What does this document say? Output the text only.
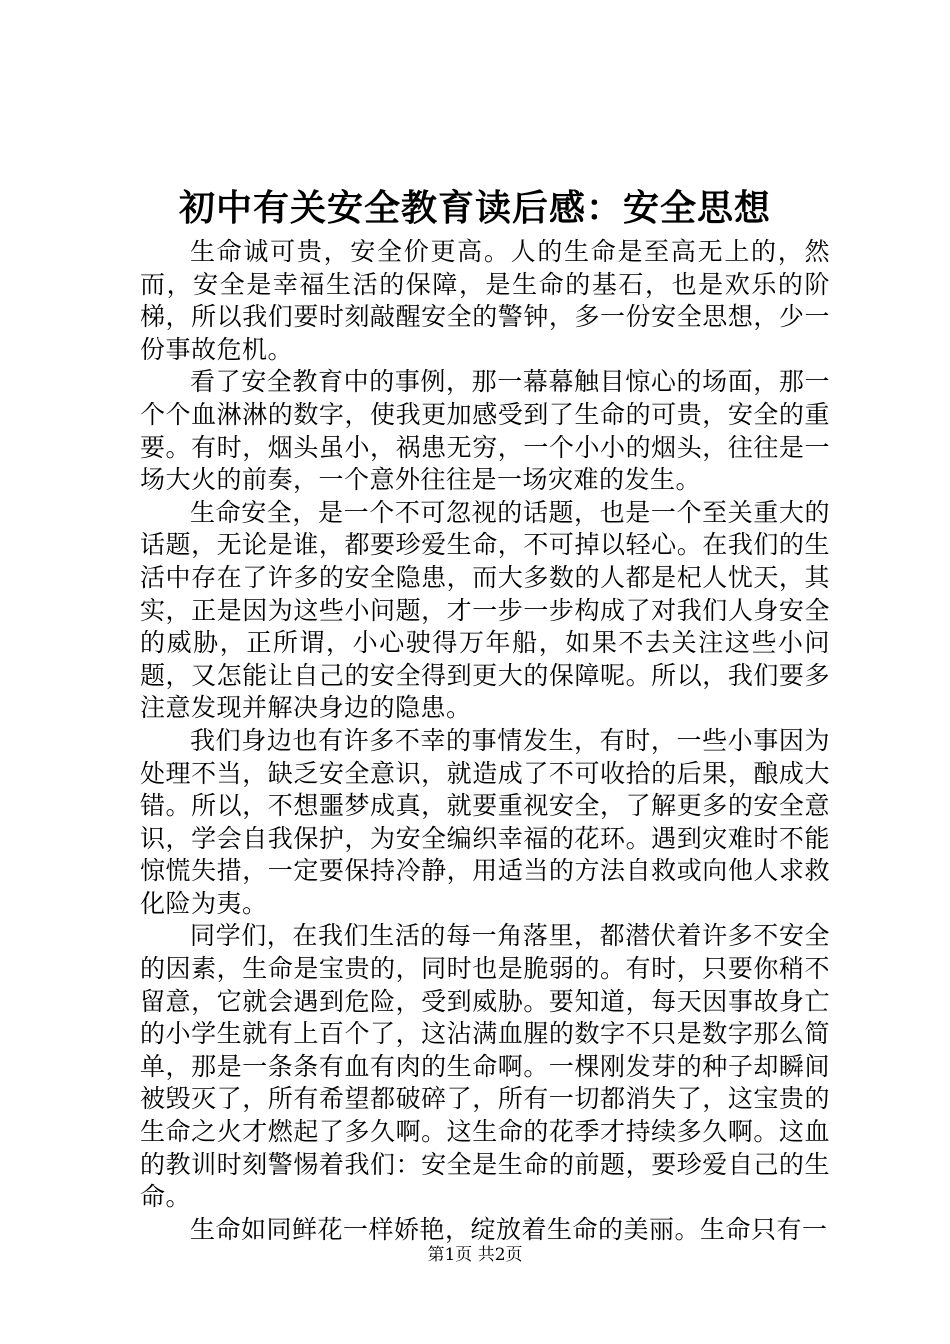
初中有关安全教育读后感：安全思想

生命诚可贵，安全价更高。人的生命是至高无上的，然而，安全是幸福生活的保障，是生命的基石，也是欢乐的阶梯，所以我们要时刻敲醒安全的警钟，多一份安全思想，少一份事故危机。

看了安全教育中的事例，那一幕幕触目惊心的场面，那一个个血淋淋的数字，使我更加感受到了生命的可贵，安全的重要。有时，烟头虽小，祸患无穷，一个小小的烟头，往往是一场大火的前奏，一个意外往往是一场灾难的发生。

生命安全，是一个不可忽视的话题，也是一个至关重大的话题，无论是谁，都要珍爱生命，不可掉以轻心。在我们的生活中存在了许多的安全隐患，而大多数的人都是杞人忧天，其实，正是因为这些小问题，才一步一步构成了对我们人身安全的威胁，正所谓，小心驶得万年船，如果不去关注这些小问题，又怎能让自己的安全得到更大的保障呢。所以，我们要多注意发现并解决身边的隐患。

我们身边也有许多不幸的事情发生，有时，一些小事因为处理不当，缺乏安全意识，就造成了不可收拾的后果，酿成大错。所以，不想噩梦成真，就要重视安全，了解更多的安全意识，学会自我保护，为安全编织幸福的花环。遇到灾难时不能惊慌失措，一定要保持冷静，用适当的方法自救或向他人求救化险为夷。

同学们，在我们生活的每一角落里，都潜伏着许多不安全的因素，生命是宝贵的，同时也是脆弱的。有时，只要你稍不留意，它就会遇到危险，受到威胁。要知道，每天因事故身亡的小学生就有上百个了，这沾满血腥的数字不只是数字那么简单，那是一条条有血有肉的生命啊。一棵刚发芽的种子却瞬间被毁灭了，所有希望都破碎了，所有一切都消失了，这宝贵的生命之火才燃起了多久啊。这生命的花季才持续多久啊。这血的教训时刻警惕着我们：安全是生命的前题，要珍爱自己的生命。

生命如同鲜花一样娇艳，绽放着生命的美丽。生命只有一

第1页 共2页
